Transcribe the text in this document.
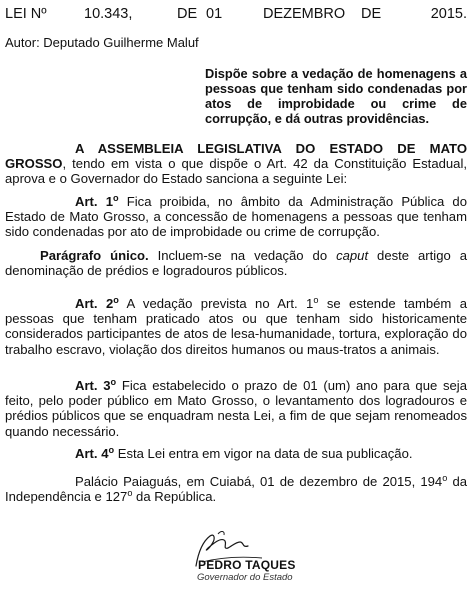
LEI Nº	10.343,	DE 01	DEZEMBRO DE	2015.
Autor: Deputado Guilherme Maluf
Dispõe sobre a vedação de homenagens a pessoas que tenham sido condenadas por atos de improbidade ou crime de corrupção, e dá outras providências.
A ASSEMBLEIA LEGISLATIVA DO ESTADO DE MATO GROSSO, tendo em vista o que dispõe o Art. 42 da Constituição Estadual, aprova e o Governador do Estado sanciona a seguinte Lei:
Art. 1$^o$ Fica proibida, no âmbito da Administração Pública do Estado de Mato Grosso, a concessão de homenagens a pessoas que tenham sido condenadas por ato de improbidade ou crime de corrupção.
Parágrafo único. Incluem-se na vedação do caput deste artigo a denominação de prédios e logradouros públicos.
Art. 2$^o$ A vedação prevista no Art. 1$^o$ se estende também a pessoas que tenham praticado atos ou que tenham sido historicamente considerados participantes de atos de lesa-humanidade, tortura, exploração do trabalho escravo, violação dos direitos humanos ou maus-tratos a animais.
Art. 3$^o$ Fica estabelecido o prazo de 01 (um) ano para que seja feito, pelo poder público em Mato Grosso, o levantamento dos logradouros e prédios públicos que se enquadram nesta Lei, a fim de que sejam renomeados quando necessário.
Art. 4$^o$ Esta Lei entra em vigor na data de sua publicação.
Palácio Paiaguás, em Cuiabá, 01 de dezembro de 2015, 194$^o$ da Independência e 127$^o$ da República.
PEDRO TAQUES
Governador do Estado
